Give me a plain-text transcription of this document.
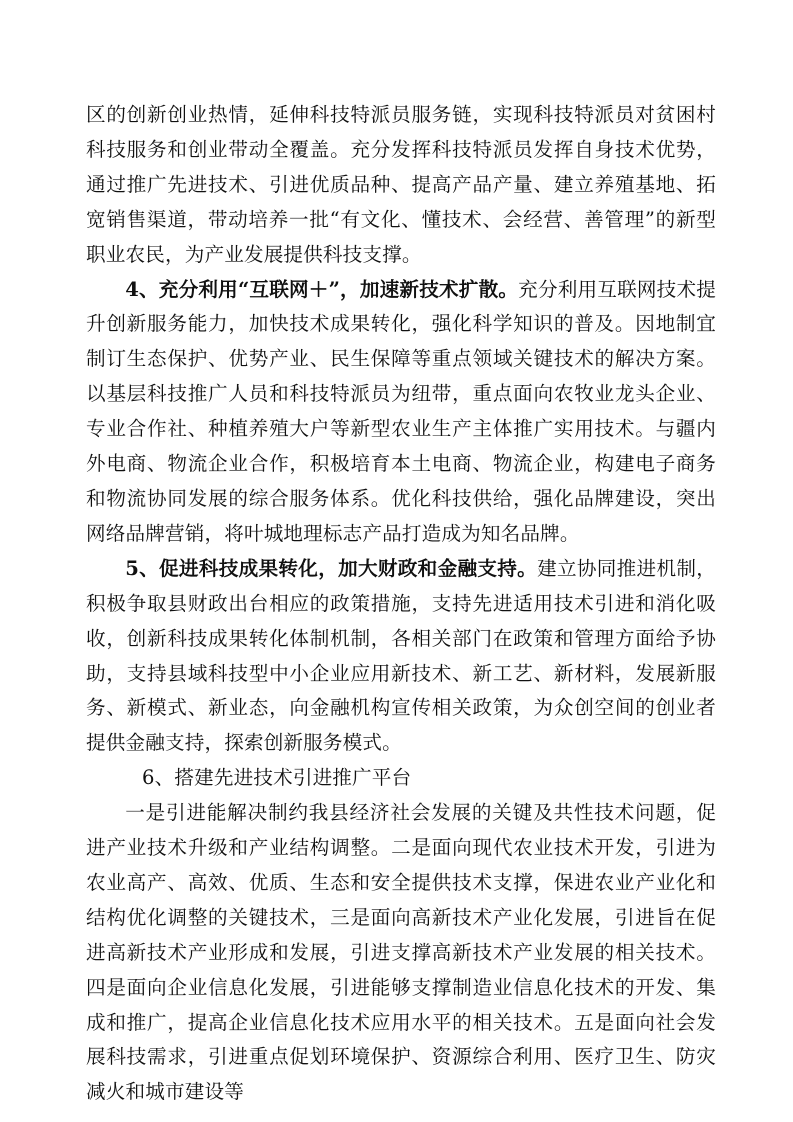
区的创新创业热情，延伸科技特派员服务链，实现科技特派员对贫困村科技服务和创业带动全覆盖。充分发挥科技特派员发挥自身技术优势，通过推广先进技术、引进优质品种、提高产品产量、建立养殖基地、拓宽销售渠道，带动培养一批“有文化、懂技术、会经营、善管理”的新型职业农民，为产业发展提供科技支撑。

4、充分利用“互联网＋”，加速新技术扩散。充分利用互联网技术提升创新服务能力，加快技术成果转化，强化科学知识的普及。因地制宜制订生态保护、优势产业、民生保障等重点领域关键技术的解决方案。以基层科技推广人员和科技特派员为纽带，重点面向农牧业龙头企业、专业合作社、种植养殖大户等新型农业生产主体推广实用技术。与疆内外电商、物流企业合作，积极培育本土电商、物流企业，构建电子商务和物流协同发展的综合服务体系。优化科技供给，强化品牌建设，突出网络品牌营销，将叶城地理标志产品打造成为知名品牌。

5、促进科技成果转化，加大财政和金融支持。建立协同推进机制，积极争取县财政出台相应的政策措施，支持先进适用技术引进和消化吸收，创新科技成果转化体制机制，各相关部门在政策和管理方面给予协助，支持县域科技型中小企业应用新技术、新工艺、新材料，发展新服务、新模式、新业态，向金融机构宣传相关政策，为众创空间的创业者提供金融支持，探索创新服务模式。

6、搭建先进技术引进推广平台

一是引进能解决制约我县经济社会发展的关键及共性技术问题，促进产业技术升级和产业结构调整。二是面向现代农业技术开发，引进为农业高产、高效、优质、生态和安全提供技术支撑，保进农业产业化和结构优化调整的关键技术，三是面向高新技术产业化发展，引进旨在促进高新技术产业形成和发展，引进支撑高新技术产业发展的相关技术。四是面向企业信息化发展，引进能够支撑制造业信息化技术的开发、集成和推广，提高企业信息化技术应用水平的相关技术。五是面向社会发展科技需求，引进重点促划环境保护、资源综合利用、医疗卫生、防灾减火和城市建设等
